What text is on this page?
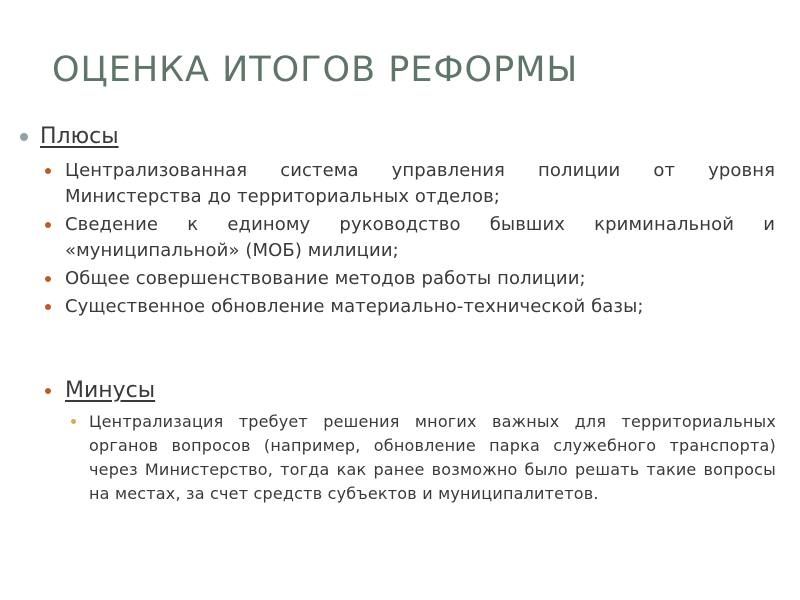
ОЦЕНКА ИТОГОВ РЕФОРМЫ
Плюсы
Централизованная система управления полиции от уровня Министерства до территориальных отделов;
Сведение к единому руководство бывших криминальной и «муниципальной» (МОБ) милиции;
Общее совершенствование методов работы полиции;
Существенное обновление материально-технической базы;
Минусы
Централизация требует решения многих важных для территориальных органов вопросов (например, обновление парка служебного транспорта) через Министерство, тогда как ранее возможно было решать такие вопросы на местах, за счет средств субъектов и муниципалитетов.
